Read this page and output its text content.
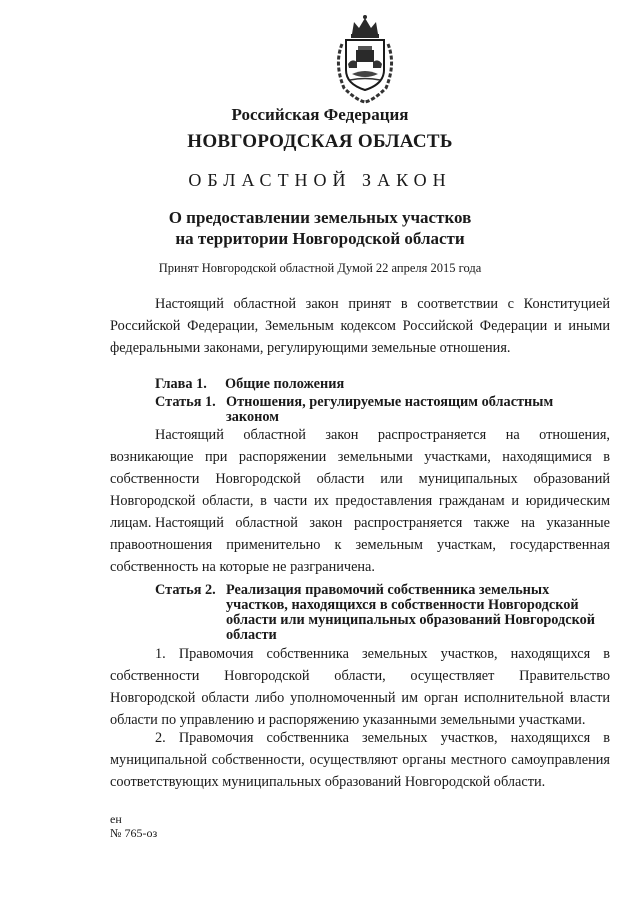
Российская Федерация
НОВГОРОДСКАЯ ОБЛАСТЬ
ОБЛАСТНОЙ ЗАКОН
О предоставлении земельных участков
на территории Новгородской области
Принят Новгородской областной Думой 22 апреля 2015 года

Настоящий областной закон принят в соответствии с Конституцией Российской Федерации, Земельным кодексом Российской Федерации и иными федеральными законами, регулирующими земельные отношения.

Глава 1. Общие положения
Статья 1. Отношения, регулируемые настоящим областным
законом

Настоящий областной закон распространяется на отношения, возникающие при распоряжении земельными участками, находящимися в собственности Новгородской области или муниципальных образований Новгородской области, в части их предоставления гражданам и юридическим лицам. Настоящий областной закон распространяется также на указанные правоотношения применительно к земельным участкам, государственная собственность на которые не разграничена.

Статья 2. Реализация правомочий собственника земельных
участков, находящихся в собственности Новгородской
области или муниципальных образований Новгородской
области

1. Правомочия собственника земельных участков, находящихся в собственности Новгородской области, осуществляет Правительство Новгородской области либо уполномоченный им орган исполнительной власти области по управлению и распоряжению указанными земельными участками.

2. Правомочия собственника земельных участков, находящихся в муниципальной собственности, осуществляют органы местного самоуправления соответствующих муниципальных образований Новгородской области.

ен
№ 765-оз
